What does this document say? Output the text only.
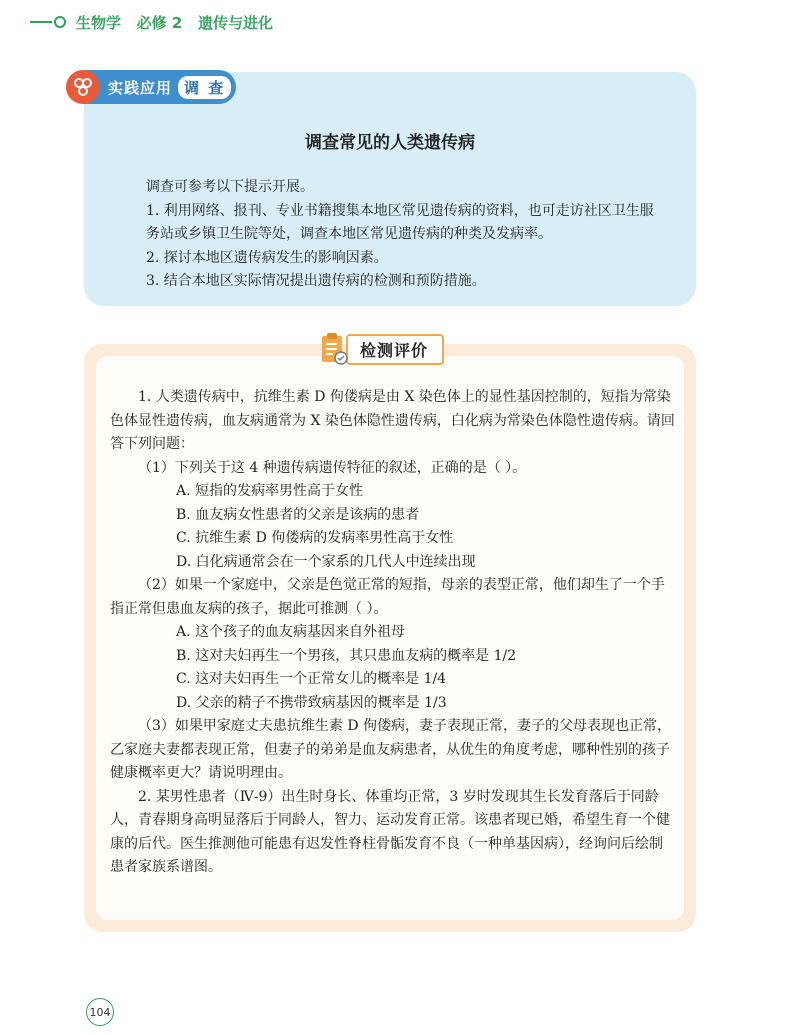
生物学   必修 2   遗传与进化
调查常见的人类遗传病

调查可参考以下提示开展。

1. 利用网络、报刊、专业书籍搜集本地区常见遗传病的资料，也可走访社区卫生服务站或乡镇卫生院等处，调查本地区常见遗传病的种类及发病率。

2. 探讨本地区遗传病发生的影响因素。

3. 结合本地区实际情况提出遗传病的检测和预防措施。

实践应用 调 查
检测评价

1. 人类遗传病中，抗维生素 D 佝偻病是由 X 染色体上的显性基因控制的，短指为常染色体显性遗传病，血友病通常为 X 染色体隐性遗传病，白化病为常染色体隐性遗传病。请回答下列问题：

（1）下列关于这 4 种遗传病遗传特征的叙述，正确的是（ ）。

A. 短指的发病率男性高于女性

B. 血友病女性患者的父亲是该病的患者

C. 抗维生素 D 佝偻病的发病率男性高于女性

D. 白化病通常会在一个家系的几代人中连续出现

（2）如果一个家庭中，父亲是色觉正常的短指，母亲的表型正常，他们却生了一个手指正常但患血友病的孩子，据此可推测（ ）。

A. 这个孩子的血友病基因来自外祖母

B. 这对夫妇再生一个男孩，其只患血友病的概率是 1/2

C. 这对夫妇再生一个正常女儿的概率是 1/4

D. 父亲的精子不携带致病基因的概率是 1/3

（3）如果甲家庭丈夫患抗维生素 D 佝偻病，妻子表现正常，妻子的父母表现也正常，乙家庭夫妻都表现正常，但妻子的弟弟是血友病患者，从优生的角度考虑，哪种性别的孩子健康概率更大？请说明理由。

2. 某男性患者（Ⅳ-9）出生时身长、体重均正常，3 岁时发现其生长发育落后于同龄人，青春期身高明显落后于同龄人，智力、运动发育正常。该患者现已婚，希望生育一个健康的后代。医生推测他可能患有迟发性脊柱骨骺发育不良（一种单基因病），经询问后绘制患者家族系谱图。

104
